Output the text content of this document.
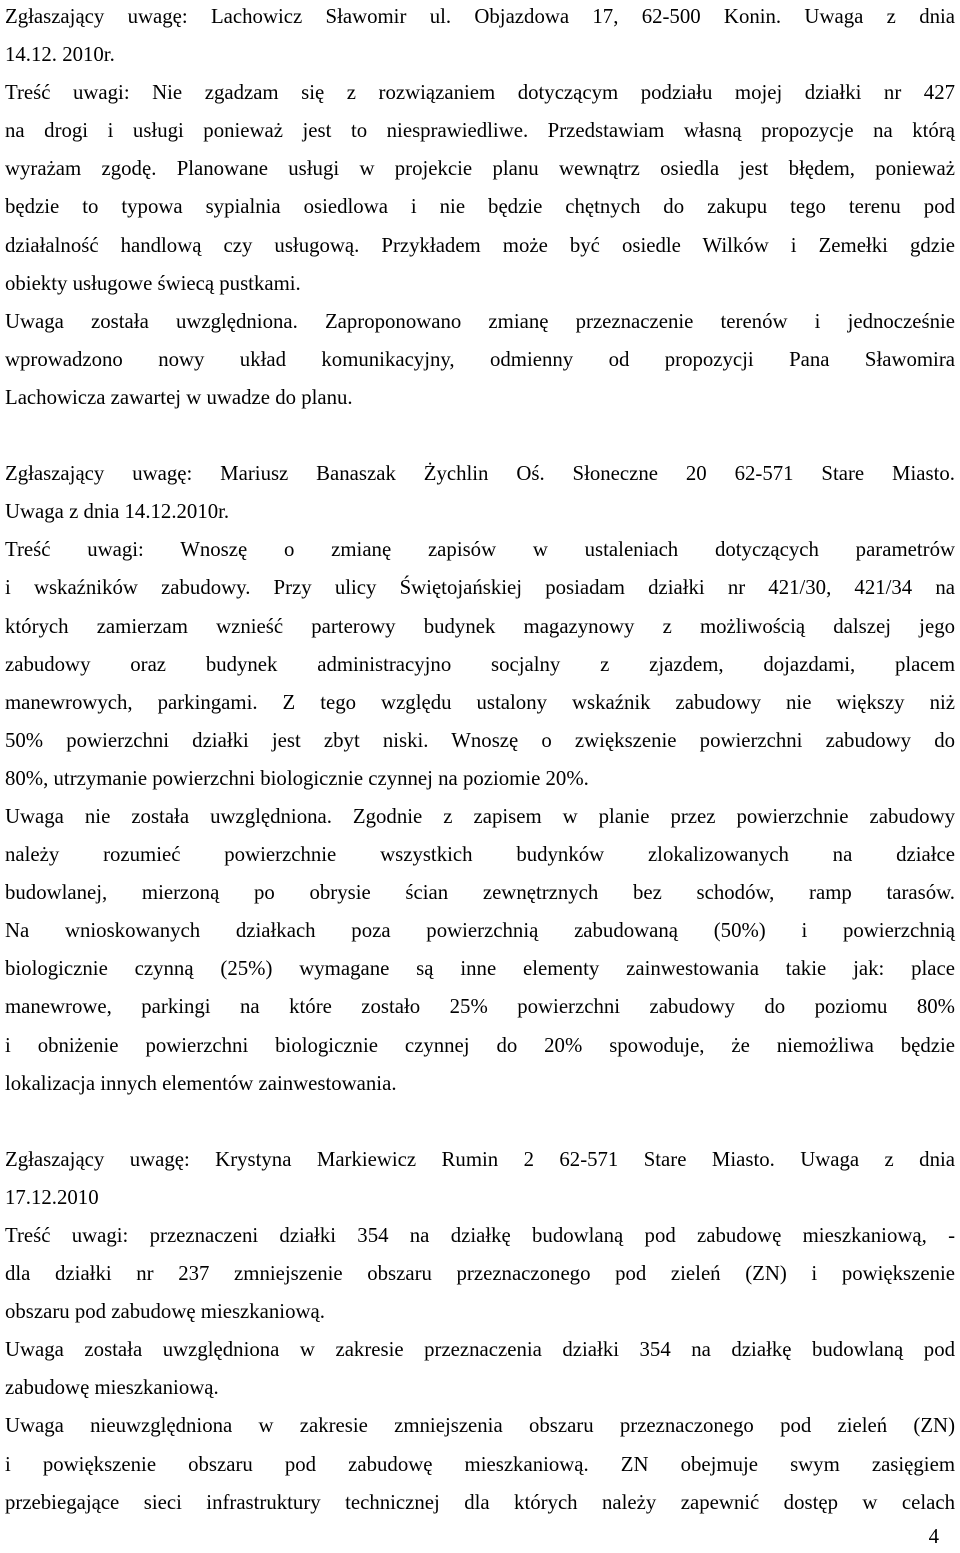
Zgłaszający uwagę: Lachowicz Sławomir ul. Objazdowa 17, 62-500 Konin. Uwaga z dnia
14.12. 2010r.
Treść uwagi: Nie zgadzam się z rozwiązaniem dotyczącym podziału mojej działki nr 427
na drogi i usługi ponieważ jest to niesprawiedliwe. Przedstawiam własną propozycje na którą
wyrażam zgodę. Planowane usługi w projekcie planu wewnątrz osiedla jest błędem, ponieważ
będzie to typowa sypialnia osiedlowa i nie będzie chętnych do zakupu tego terenu pod
działalność handlową czy usługową. Przykładem może być osiedle Wilków i Zemełki gdzie
obiekty usługowe świecą pustkami.
Uwaga została uwzględniona. Zaproponowano zmianę przeznaczenie terenów i jednocześnie
wprowadzono nowy układ komunikacyjny, odmienny od propozycji Pana Sławomira
Lachowicza zawartej w uwadze do planu.
Zgłaszający uwagę: Mariusz Banaszak Żychlin Oś. Słoneczne 20 62-571 Stare Miasto.
Uwaga z dnia 14.12.2010r.
Treść uwagi: Wnoszę o zmianę zapisów w ustaleniach dotyczących parametrów
i wskaźników zabudowy. Przy ulicy Świętojańskiej posiadam działki nr 421/30, 421/34 na
których zamierzam wznieść parterowy budynek magazynowy z możliwością dalszej jego
zabudowy oraz budynek administracyjno socjalny z zjazdem, dojazdami, placem
manewrowych, parkingami. Z tego względu ustalony wskaźnik zabudowy nie większy niż
50% powierzchni działki jest zbyt niski. Wnoszę o zwiększenie powierzchni zabudowy do
80%, utrzymanie powierzchni biologicznie czynnej na poziomie 20%.
Uwaga nie została uwzględniona. Zgodnie z zapisem w planie przez powierzchnie zabudowy
należy rozumieć powierzchnie wszystkich budynków zlokalizowanych na działce
budowlanej, mierzoną po obrysie ścian zewnętrznych bez schodów, ramp tarasów.
Na wnioskowanych działkach poza powierzchnią zabudowaną (50%) i powierzchnią
biologicznie czynną (25%) wymagane są inne elementy zainwestowania takie jak: place
manewrowe, parkingi na które zostało 25% powierzchni zabudowy do poziomu 80%
i obniżenie powierzchni biologicznie czynnej do 20% spowoduje, że niemożliwa będzie
lokalizacja innych elementów zainwestowania.
Zgłaszający uwagę: Krystyna Markiewicz Rumin 2 62-571 Stare Miasto. Uwaga z dnia
17.12.2010
Treść uwagi: przeznaczeni działki 354 na działkę budowlaną pod zabudowę mieszkaniową, -
dla działki nr 237 zmniejszenie obszaru przeznaczonego pod zieleń (ZN) i powiększenie
obszaru pod zabudowę mieszkaniową.
Uwaga została uwzględniona w zakresie przeznaczenia działki 354 na działkę budowlaną pod
zabudowę mieszkaniową.
Uwaga nieuwzględniona w zakresie zmniejszenia obszaru przeznaczonego pod zieleń (ZN)
i powiększenie obszaru pod zabudowę mieszkaniową. ZN obejmuje swym zasięgiem
przebiegające sieci infrastruktury technicznej dla których należy zapewnić dostęp w celach
4
